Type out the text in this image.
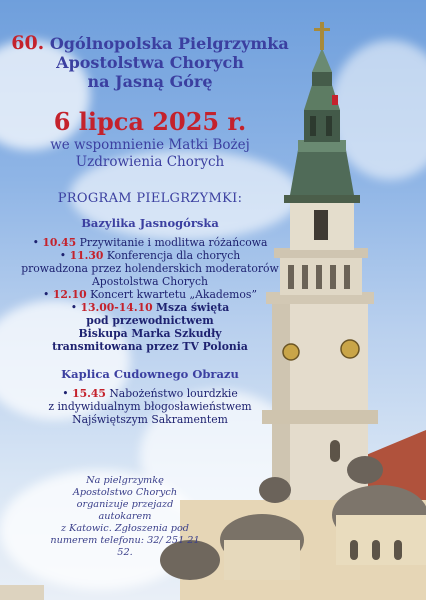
60. Ogólnopolska Pielgrzymka
Apostolstwa Chorych
na Jasną Górę
6 lipca 2025 r.
we wspomnienie Matki Bożej
Uzdrowienia Chorych
PROGRAM PIELGRZYMKI:
Bazylika Jasnogórska
• 10.45 Przywitanie i modlitwa różańcowa
• 11.30 Konferencja dla chorych
prowadzona przez holenderskich moderatorów
Apostolstwa Chorych
• 12.10 Koncert kwartetu „Akademos”
• 13.00-14.10 Msza święta
pod przewodnictwem
Biskupa Marka Szkudły
transmitowana przez TV Polonia
Kaplica Cudownego Obrazu
• 15.45 Nabożeństwo lourdzkie
z indywidualnym błogosławieństwem
Najświętszym Sakramentem
Na pielgrzymkę
Apostolstwo Chorych
organizuje przejazd autokarem
z Katowic. Zgłoszenia pod
numerem telefonu: 32/ 251 21 52.
